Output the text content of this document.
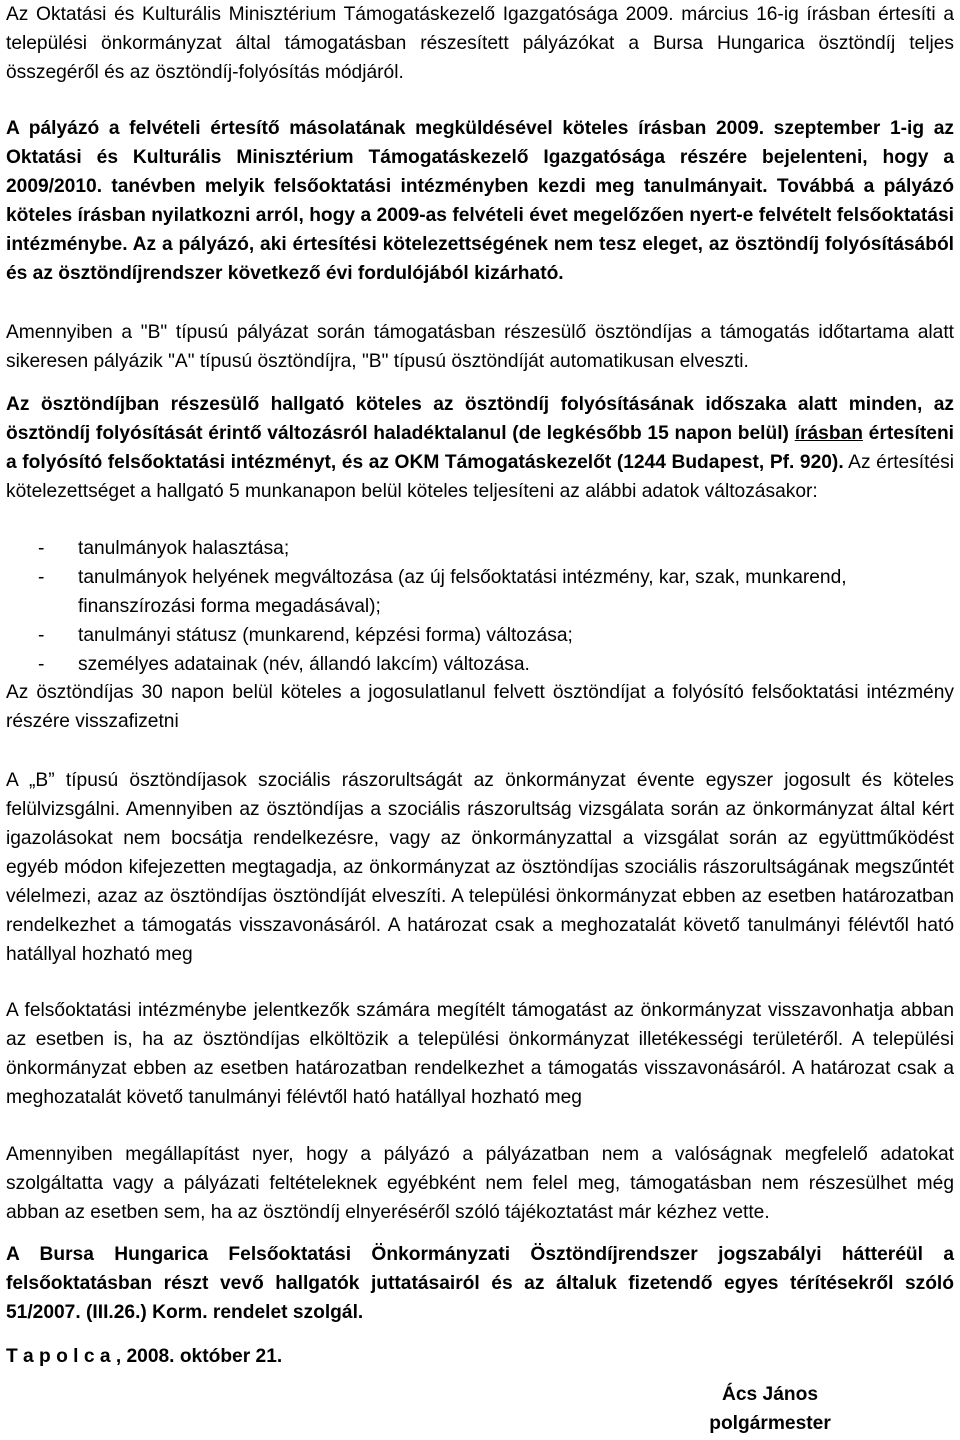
Az Oktatási és Kulturális Minisztérium Támogatáskezelő Igazgatósága 2009. március 16-ig írásban értesíti a települési önkormányzat által támogatásban részesített pályázókat a Bursa Hungarica ösztöndíj teljes összegéről és az ösztöndíj-folyósítás módjáról.

A pályázó a felvételi értesítő másolatának megküldésével köteles írásban 2009. szeptember 1-ig az Oktatási és Kulturális Minisztérium Támogatáskezelő Igazgatósága részére bejelenteni, hogy a 2009/2010. tanévben melyik felsőoktatási intézményben kezdi meg tanulmányait. Továbbá a pályázó köteles írásban nyilatkozni arról, hogy a 2009-as felvételi évet megelőzően nyert-e felvételt felsőoktatási intézménybe. Az a pályázó, aki értesítési kötelezettségének nem tesz eleget, az ösztöndíj folyósításából és az ösztöndíjrendszer következő évi fordulójából kizárható.

Amennyiben a "B" típusú pályázat során támogatásban részesülő ösztöndíjas a támogatás időtartama alatt sikeresen pályázik "A" típusú ösztöndíjra, "B" típusú ösztöndíját automatikusan elveszti.

Az ösztöndíjban részesülő hallgató köteles az ösztöndíj folyósításának időszaka alatt minden, az ösztöndíj folyósítását érintő változásról haladéktalanul (de legkésőbb 15 napon belül) írásban értesíteni a folyósító felsőoktatási intézményt, és az OKM Támogatáskezelőt (1244 Budapest, Pf. 920). Az értesítési kötelezettséget a hallgató 5 munkanapon belül köteles teljesíteni az alábbi adatok változásakor:

-	tanulmányok halasztása;
-	tanulmányok helyének megváltozása (az új felsőoktatási intézmény, kar, szak, munkarend, finanszírozási forma megadásával);
-	tanulmányi státusz (munkarend, képzési forma) változása;
-	személyes adatainak (név, állandó lakcím) változása.

Az ösztöndíjas 30 napon belül köteles a jogosulatlanul felvett ösztöndíjat a folyósító felsőoktatási intézmény részére visszafizetni

A „B” típusú ösztöndíjasok szociális rászorultságát az önkormányzat évente egyszer jogosult és köteles felülvizsgálni. Amennyiben az ösztöndíjas a szociális rászorultság vizsgálata során az önkormányzat által kért igazolásokat nem bocsátja rendelkezésre, vagy az önkormányzattal a vizsgálat során az együttműködést egyéb módon kifejezetten megtagadja, az önkormányzat az ösztöndíjas szociális rászorultságának megszűntét vélelmezi, azaz az ösztöndíjas ösztöndíját elveszíti. A települési önkormányzat ebben az esetben határozatban rendelkezhet a támogatás visszavonásáról. A határozat csak a meghozatalát követő tanulmányi félévtől ható hatállyal hozható meg

A felsőoktatási intézménybe jelentkezők számára megítélt támogatást az önkormányzat visszavonhatja abban az esetben is, ha az ösztöndíjas elköltözik a települési önkormányzat illetékességi területéről. A települési önkormányzat ebben az esetben határozatban rendelkezhet a támogatás visszavonásáról. A határozat csak a meghozatalát követő tanulmányi félévtől ható hatállyal hozható meg

Amennyiben megállapítást nyer, hogy a pályázó a pályázatban nem a valóságnak megfelelő adatokat szolgáltatta vagy a pályázati feltételeknek egyébként nem felel meg, támogatásban nem részesülhet még abban az esetben sem, ha az ösztöndíj elnyeréséről szóló tájékoztatást már kézhez vette.

A Bursa Hungarica Felsőoktatási Önkormányzati Ösztöndíjrendszer jogszabályi hátteréül a felsőoktatásban részt vevő hallgatók juttatásairól és az általuk fizetendő egyes térítésekről szóló 51/2007. (III.26.) Korm. rendelet szolgál.

T a p o l c a , 2008. október 21.

Ács János
polgármester
